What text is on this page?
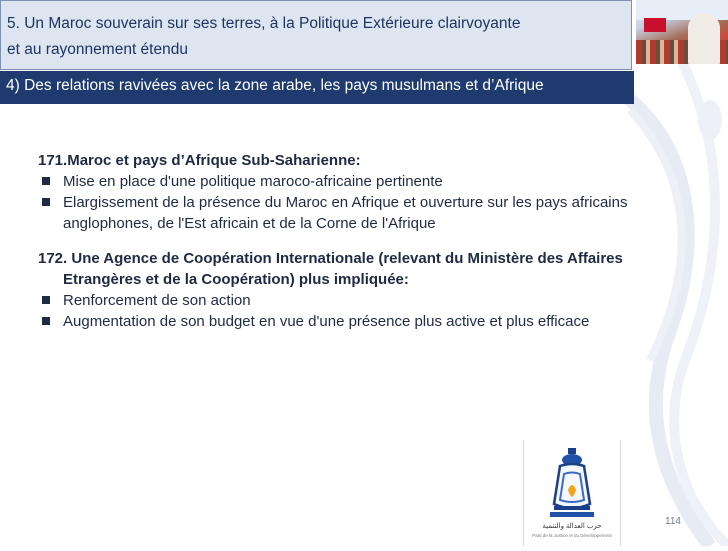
5. Un Maroc souverain sur ses terres, à la Politique Extérieure clairvoyante
et au rayonnement étendu
4) Des relations ravivées avec la zone arabe, les pays musulmans et d’Afrique
171.Maroc et pays d’Afrique Sub-Saharienne:
Mise en place d'une politique maroco-africaine pertinente
Elargissement de la présence du Maroc en Afrique et ouverture sur les pays africains anglophones, de l'Est africain et de la Corne de l'Afrique
172. Une Agence de Coopération Internationale (relevant du Ministère des Affaires Etrangères et de la Coopération) plus impliquée:
Renforcement de son action
Augmentation de son budget en vue d'une présence plus active et plus efficace
حزب العدالة والتنمية
Parti de la Justice et du Développement
114
